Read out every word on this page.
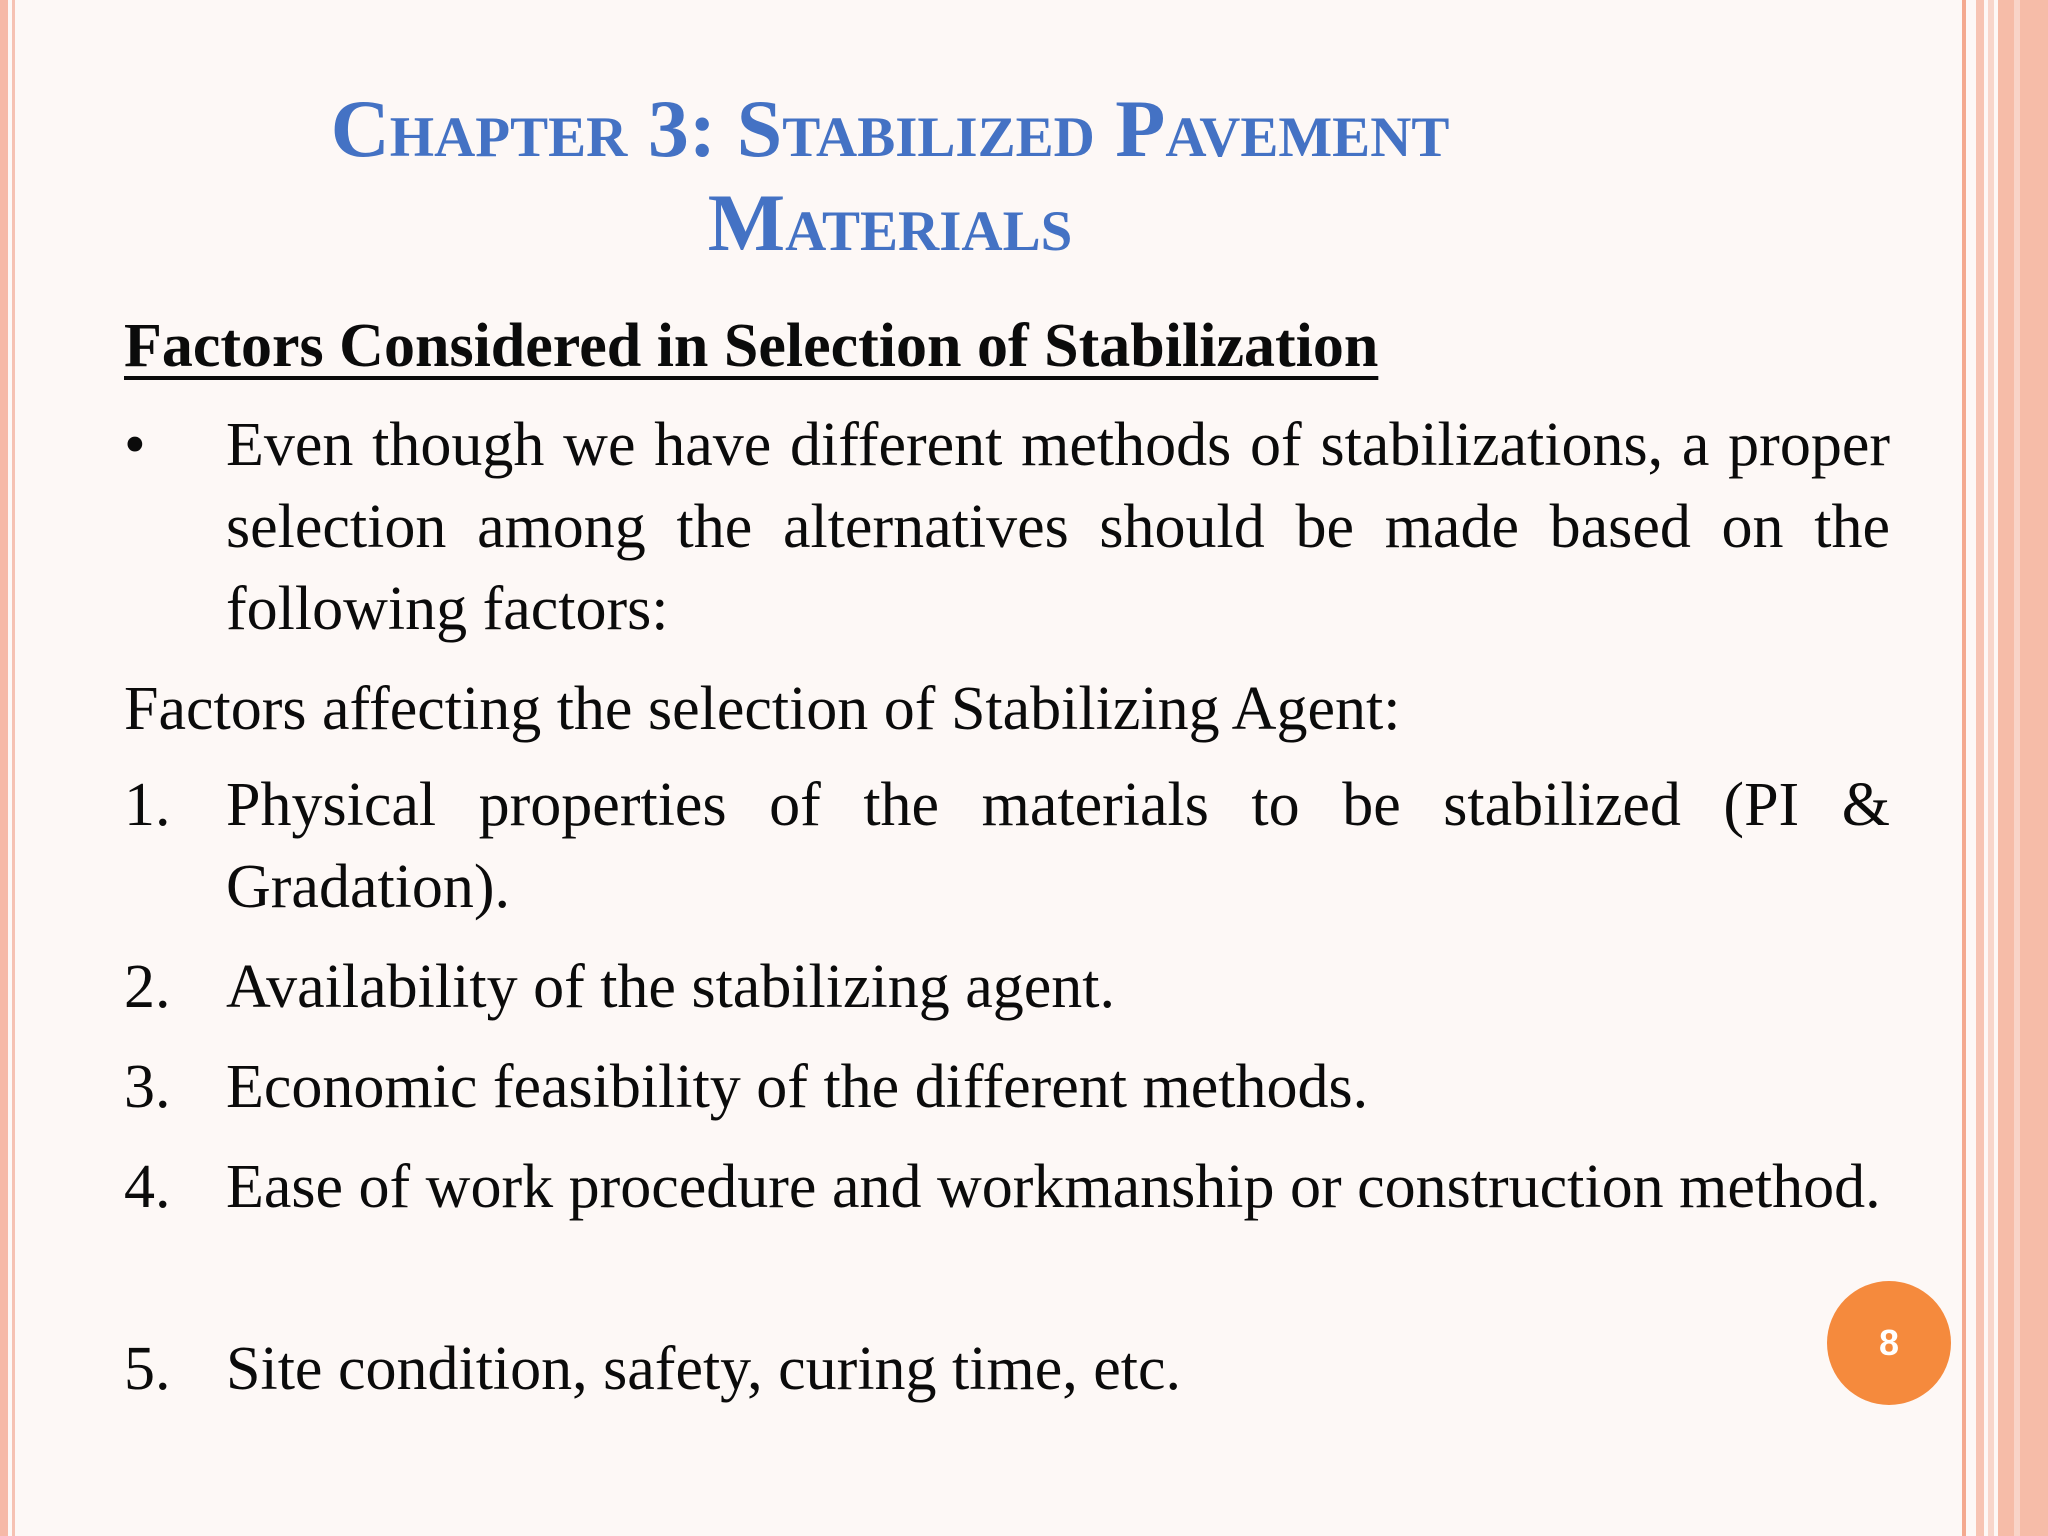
Chapter 3: Stabilized Pavement
Materials
Factors Considered in Selection of Stabilization
•	Even though we have different methods of stabilizations, a proper selection among the alternatives should be made based on the following factors:
Factors affecting the selection of Stabilizing Agent:
1. Physical properties of the materials to be stabilized (PI & Gradation).
2. Availability of the stabilizing agent.
3. Economic feasibility of the different methods.
4. Ease of work procedure and workmanship or construction method.
5. Site condition, safety, curing time, etc.	8
